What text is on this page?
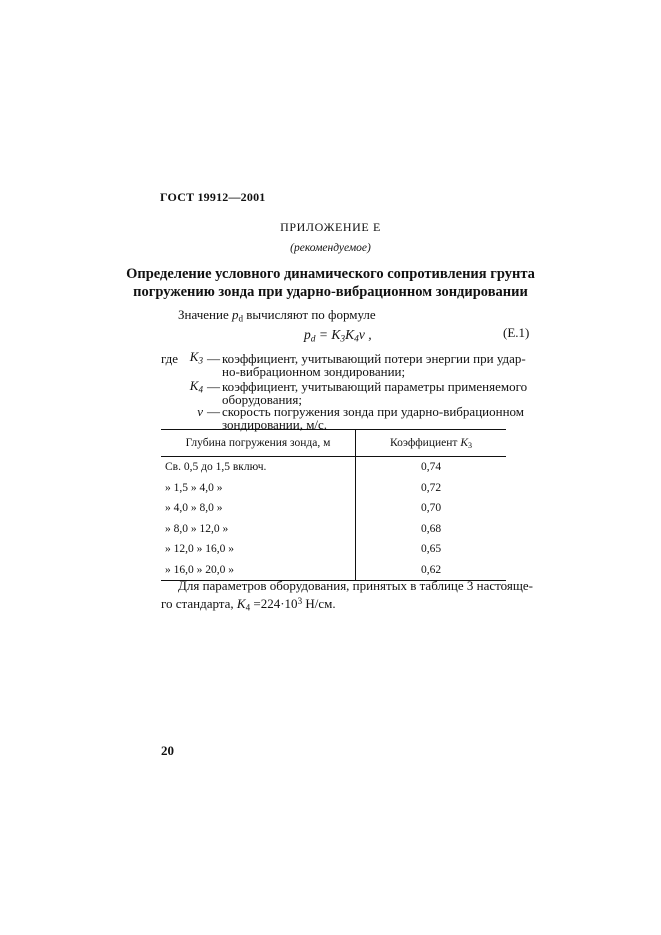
ГОСТ 19912—2001
ПРИЛОЖЕНИЕ Е
(рекомендуемое)
Определение условного динамического сопротивления грунта
погружению зонда при ударно-вибрационном зондировании
Значение $p_d$ вычисляют по формуле
$p_d = K_3K_4v$ ,	(Е.1)
где $K_3$ — коэффициент, учитывающий потери энергии при удар-
но-вибрационном зондировании;
$K_4$ — коэффициент, учитывающий параметры применяемого
оборудования;
v — скорость погружения зонда при ударно-вибрационном
зондировании, м/с.
Глубина погружения зонда, м	Коэффициент $K_3$
Св. 0,5 до 1,5 включ.	0,74
» 1,5 » 4,0 »	0,72
» 4,0 » 8,0 »	0,70
» 8,0 » 12,0 »	0,68
» 12,0 » 16,0 »	0,65
» 16,0 » 20,0 »	0,62
Для параметров оборудования, принятых в таблице 3 настояще-
го стандарта, $K_4 =224\cdot 10^3$ Н/см.
20
